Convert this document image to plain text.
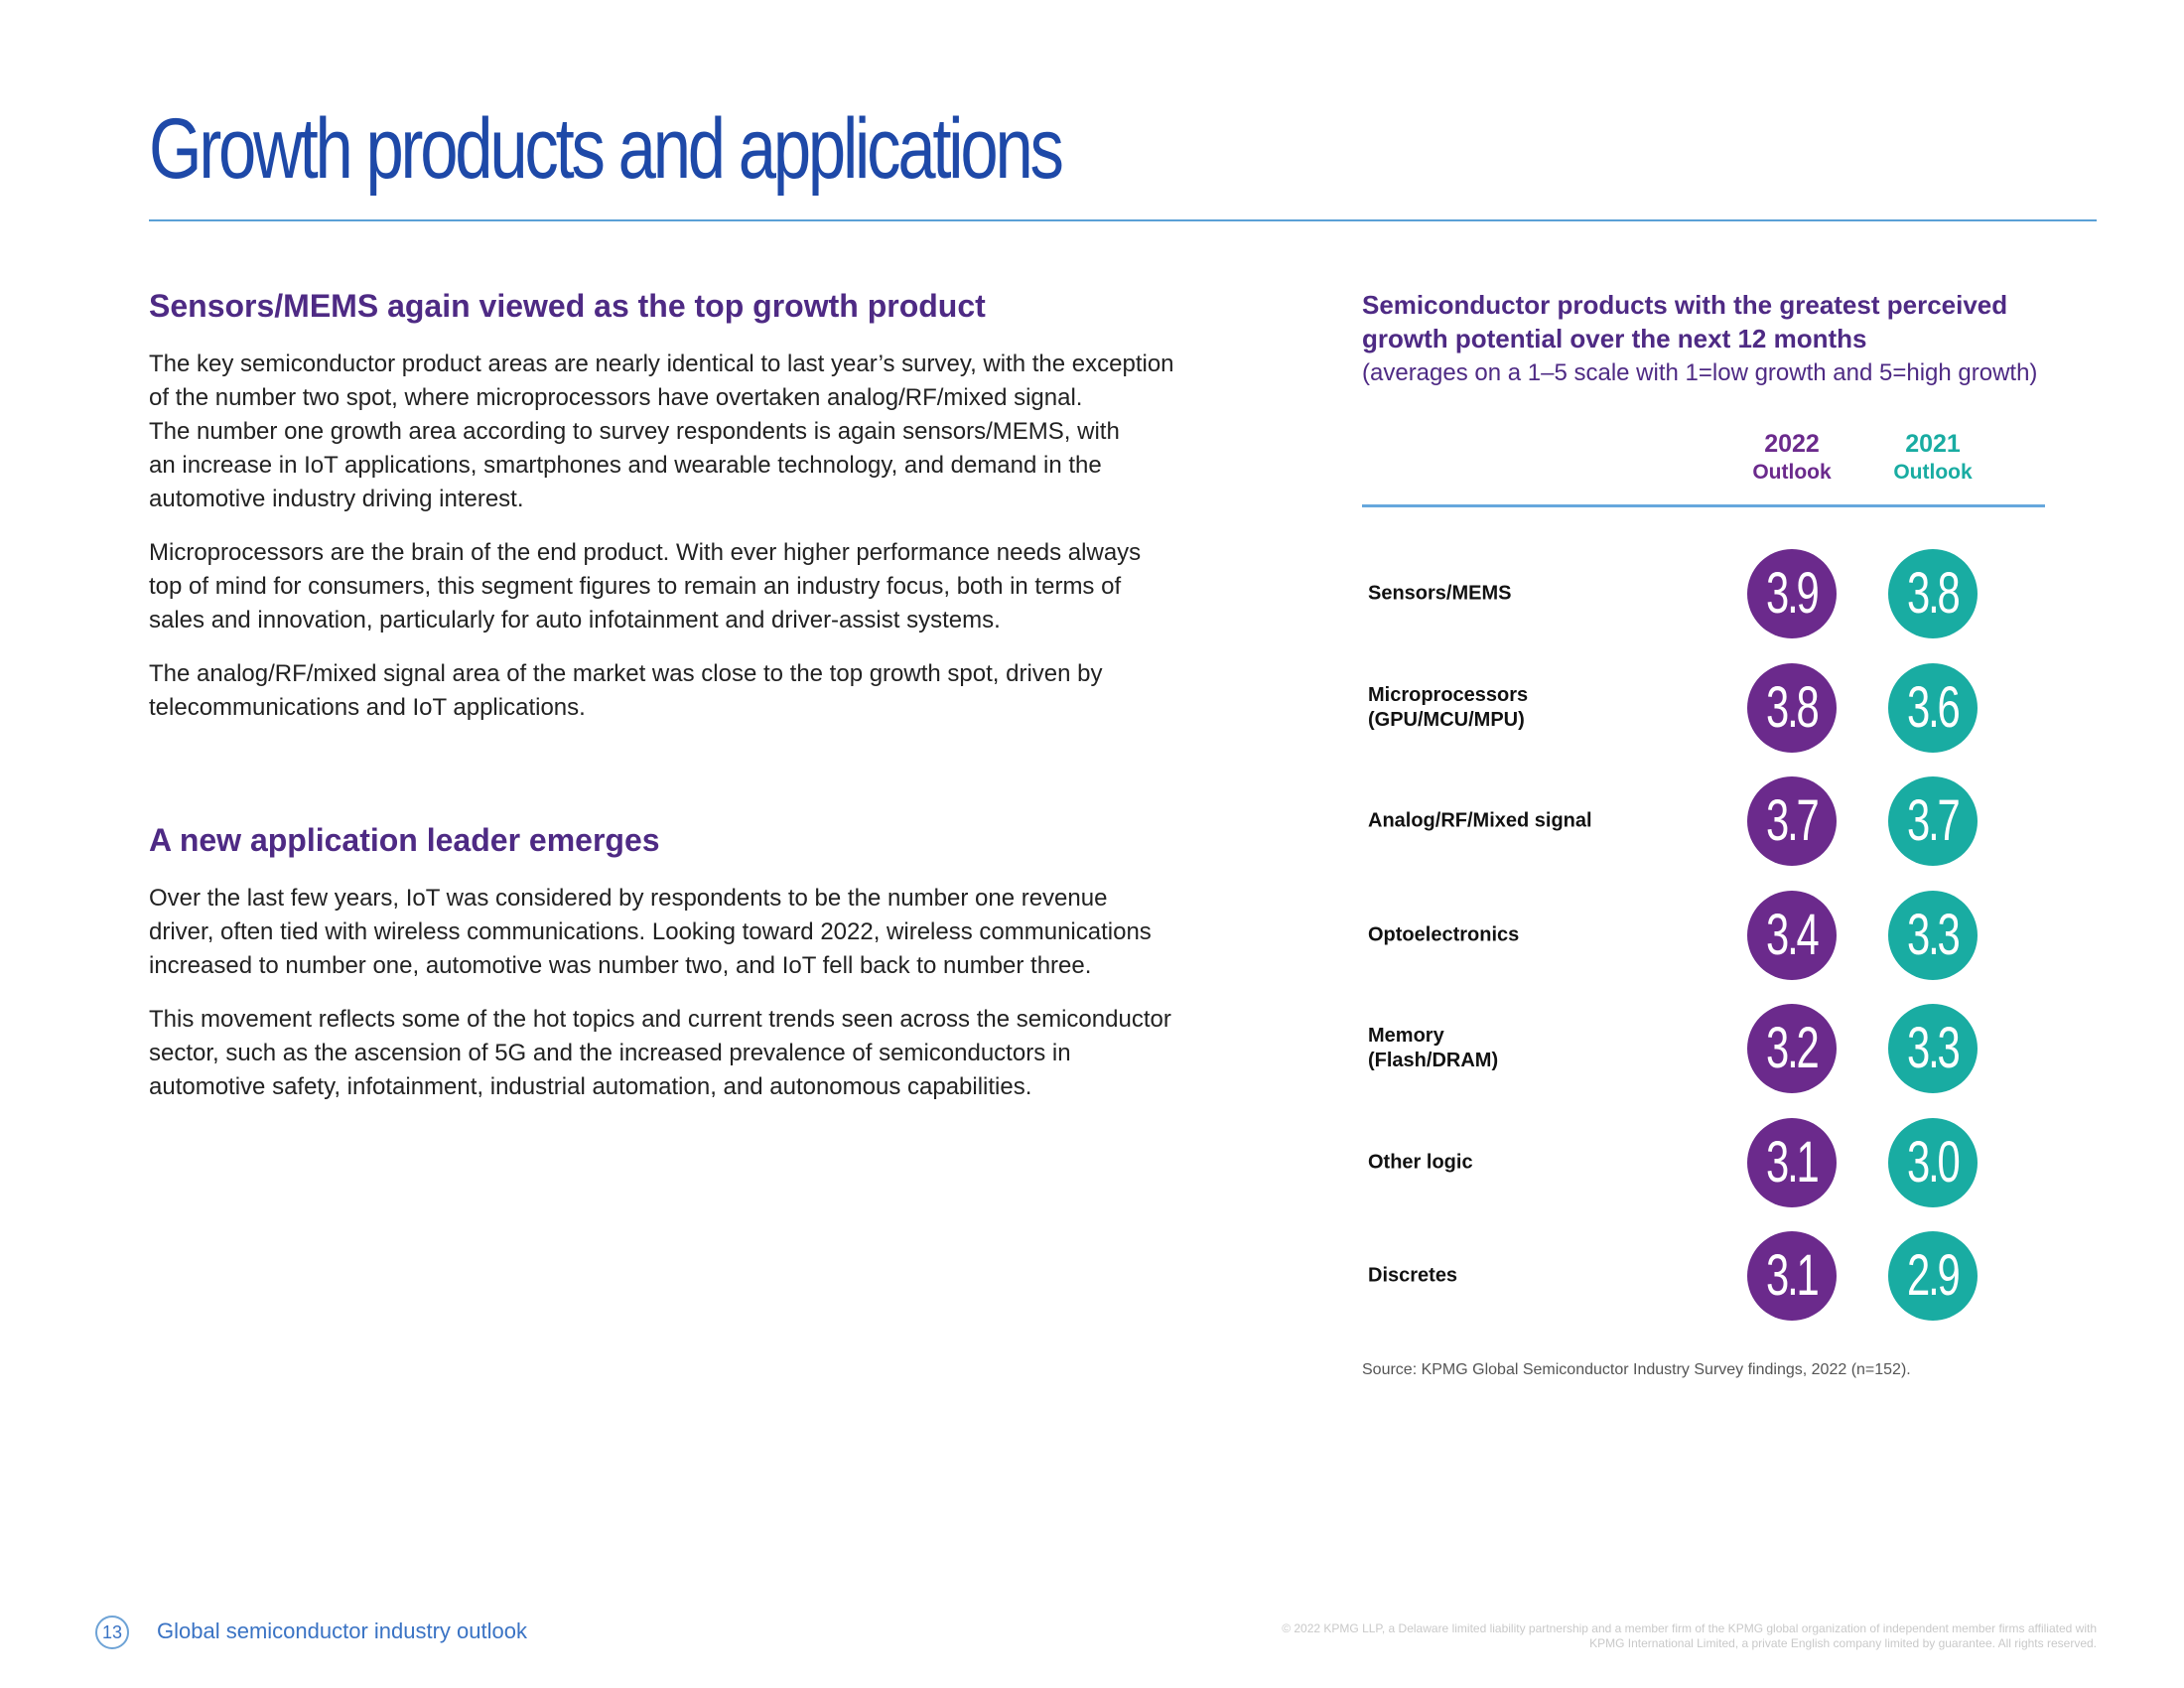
Growth products and applications
Sensors/MEMS again viewed as the top growth product

The key semiconductor product areas are nearly identical to last year’s survey, with the exception
of the number two spot, where microprocessors have overtaken analog/RF/mixed signal.
The number one growth area according to survey respondents is again sensors/MEMS, with
an increase in IoT applications, smartphones and wearable technology, and demand in the
automotive industry driving interest.

Microprocessors are the brain of the end product. With ever higher performance needs always
top of mind for consumers, this segment figures to remain an industry focus, both in terms of
sales and innovation, particularly for auto infotainment and driver-assist systems.

The analog/RF/mixed signal area of the market was close to the top growth spot, driven by
telecommunications and IoT applications.

A new application leader emerges

Over the last few years, IoT was considered by respondents to be the number one revenue
driver, often tied with wireless communications. Looking toward 2022, wireless communications
increased to number one, automotive was number two, and IoT fell back to number three.

This movement reflects some of the hot topics and current trends seen across the semiconductor
sector, such as the ascension of 5G and the increased prevalence of semiconductors in
automotive safety, infotainment, industrial automation, and autonomous capabilities.

Semiconductor products with the greatest perceived
growth potential over the next 12 months
(averages on a 1–5 scale with 1=low growth and 5=high growth)
2022
Outlook
2021
Outlook
Sensors/MEMS	3.9 3.8
Microprocessors
(GPU/MCU/MPU)	3.8 3.6
Analog/RF/Mixed signal	3.7 3.7
Optoelectronics	3.4 3.3
Memory
(Flash/DRAM)	3.2 3.3
Other logic	3.1 3.0
Discretes	3.1 2.9
Source: KPMG Global Semiconductor Industry Survey findings, 2022 (n=152).
13	Global semiconductor industry outlook	© 2022 KPMG LLP, a Delaware limited liability partnership and a member firm of the KPMG global organization of independent member firms affiliated with
KPMG International Limited, a private English company limited by guarantee. All rights reserved.
